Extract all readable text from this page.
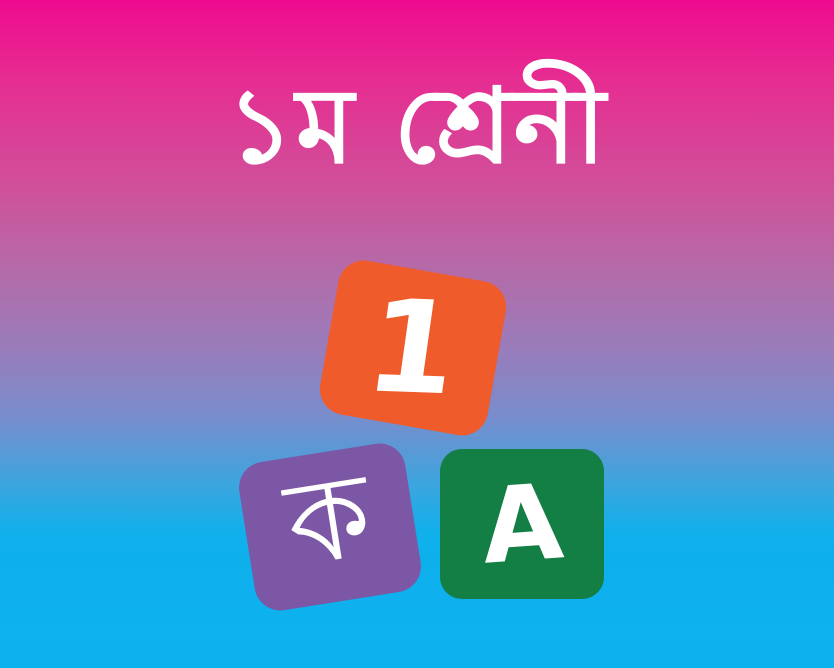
১ম শ্রেনী
1
ক A
